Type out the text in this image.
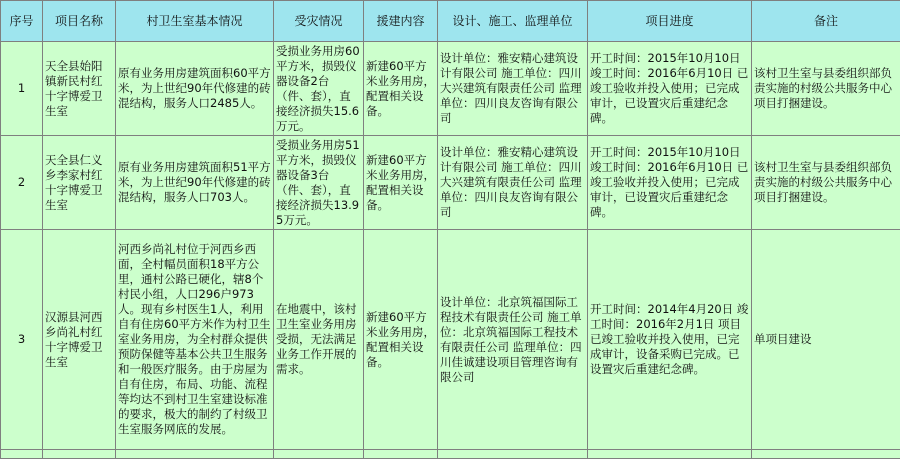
序号	项目名称	村卫生室基本情况	受灾情况	援建内容	设计、施工、监理单位	项目进度	备注
1	天全县始阳镇新民村红十字博爱卫生室	原有业务用房建筑面积60平方米，为上世纪90年代修建的砖混结构，服务人口2485人。	受损业务用房60平方米，损毁仪器设备2台（件、套），直接经济损失15.6万元。	新建60平方米业务用房，配置相关设备。	设计单位：雅安精心建筑设计有限公司 施工单位：四川大兴建筑有限责任公司 监理单位：四川良友咨询有限公司	开工时间：2015年10月10日 竣工时间：2016年6月10日 已竣工验收并投入使用；已完成审计，已设置灾后重建纪念碑。	该村卫生室与县委组织部负责实施的村级公共服务中心项目打捆建设。
2	天全县仁义乡李家村红十字博爱卫生室	原有业务用房建筑面积51平方米，为上世纪90年代修建的砖混结构，服务人口703人。	受损业务用房51平方米，损毁仪器设备3台（件、套），直接经济损失13.95万元。	新建60平方米业务用房，配置相关设备。	设计单位：雅安精心建筑设计有限公司 施工单位：四川大兴建筑有限责任公司 监理单位：四川良友咨询有限公司	开工时间：2015年10月10日 竣工时间：2016年6月10日 已竣工验收并投入使用；已完成审计，已设置灾后重建纪念碑。	该村卫生室与县委组织部负责实施的村级公共服务中心项目打捆建设。
3	汉源县河西乡尚礼村红十字博爱卫生室	河西乡尚礼村位于河西乡西面，全村幅员面积18平方公里，通村公路已硬化，辖8个村民小组，人口296户973人。现有乡村医生1人，利用自有住房60平方米作为村卫生室业务用房，为全村群众提供预防保健等基本公共卫生服务和一般医疗服务。由于房屋为自有住房，布局、功能、流程等均达不到村卫生室建设标准的要求，极大的制约了村级卫生室服务网底的发展。	在地震中，该村卫生室业务用房受损，无法满足业务工作开展的需求。	新建60平方米业务用房，配置相关设备。	设计单位：北京筑福国际工程技术有限责任公司 施工单位：北京筑福国际工程技术有限责任公司 监理单位：四川佳诚建设项目管理咨询有限公司	开工时间：2014年4月20日 竣工时间：2016年2月1日 项目已竣工验收并投入使用，已完成审计，设备采购已完成。已设置灾后重建纪念碑。	单项目建设
